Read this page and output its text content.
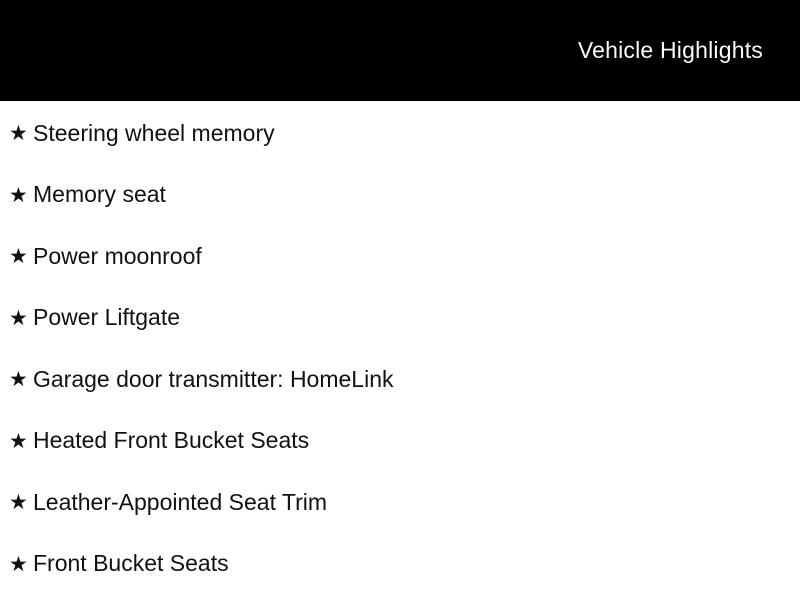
Vehicle Highlights
★ Steering wheel memory
★ Memory seat
★ Power moonroof
★ Power Liftgate
★ Garage door transmitter: HomeLink
★ Heated Front Bucket Seats
★ Leather-Appointed Seat Trim
★ Front Bucket Seats
